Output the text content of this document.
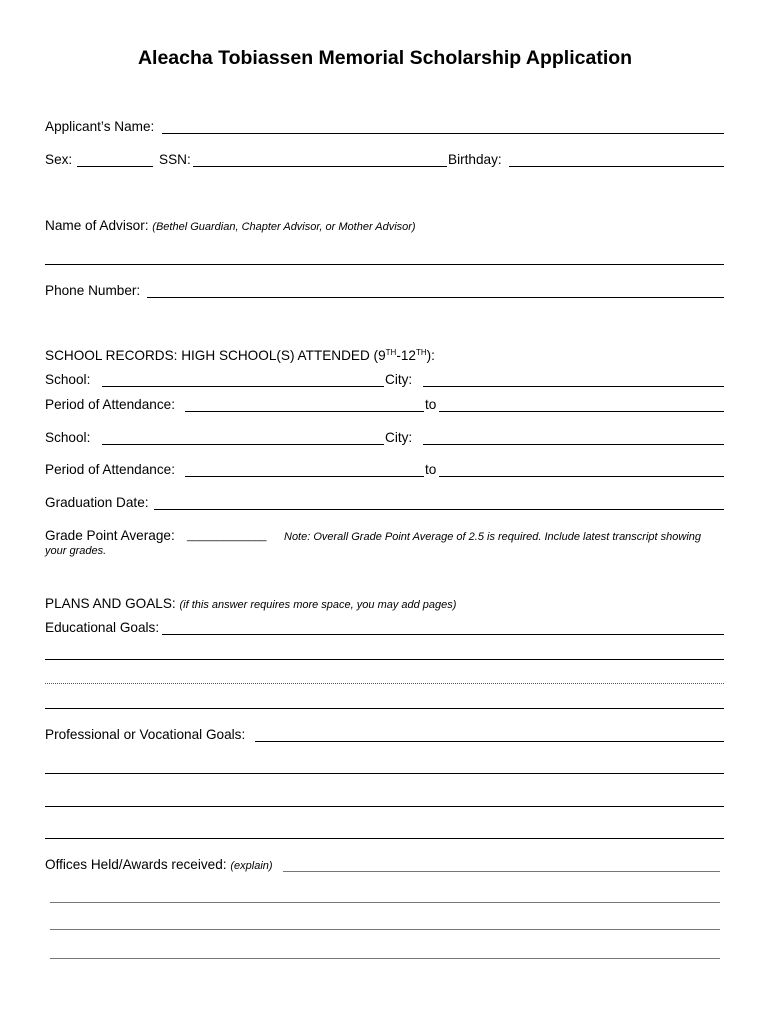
Aleacha Tobiassen Memorial Scholarship Application
Applicant’s Name:
Sex:	SSN:	Birthday:
Name of Advisor: (Bethel Guardian, Chapter Advisor, or Mother Advisor)
Phone Number:
SCHOOL RECORDS: HIGH SCHOOL(S) ATTENDED (9TH-12TH):
School:	City:
Period of Attendance:	to
School:	City:
Period of Attendance:	to
Graduation Date:
Grade Point Average: _____________ Note: Overall Grade Point Average of 2.5 is required. Include latest transcript showing
your grades.
PLANS AND GOALS: (if this answer requires more space, you may add pages)
Educational Goals:
Professional or Vocational Goals:
Offices Held/Awards received: (explain)
